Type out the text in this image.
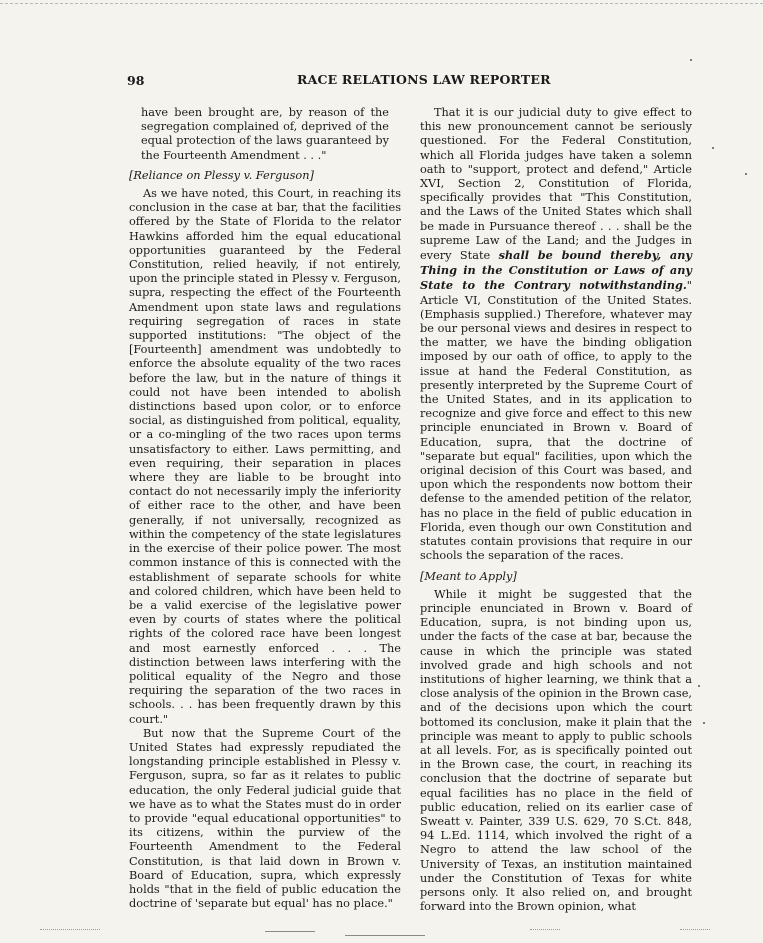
98	RACE RELATIONS LAW REPORTER

have been brought are, by reason of the segregation complained of, deprived of the equal protection of the laws guaranteed by the Fourteenth Amendment . . ."

[Reliance on Plessy v. Ferguson]

As we have noted, this Court, in reaching its conclusion in the case at bar, that the facilities offered by the State of Florida to the relator Hawkins afforded him the equal educational opportunities guaranteed by the Federal Constitution, relied heavily, if not entirely, upon the principle stated in Plessy v. Ferguson, supra, respecting the effect of the Fourteenth Amendment upon state laws and regulations requiring segregation of races in state supported institutions: "The object of the [Fourteenth] amendment was undobtedly to enforce the absolute equality of the two races before the law, but in the nature of things it could not have been intended to abolish distinctions based upon color, or to enforce social, as distinguished from political, equality, or a co-mingling of the two races upon terms unsatisfactory to either. Laws permitting, and even requiring, their separation in places where they are liable to be brought into contact do not necessarily imply the inferiority of either race to the other, and have been generally, if not universally, recognized as within the competency of the state legislatures in the exercise of their police power. The most common instance of this is connected with the establishment of separate schools for white and colored children, which have been held to be a valid exercise of the legislative power even by courts of states where the political rights of the colored race have been longest and most earnestly enforced . . . The distinction between laws interfering with the political equality of the Negro and those requiring the separation of the two races in schools. . . has been frequently drawn by this court."

But now that the Supreme Court of the United States had expressly repudiated the longstanding principle established in Plessy v. Ferguson, supra, so far as it relates to public education, the only Federal judicial guide that we have as to what the States must do in order to provide "equal educational opportunities" to its citizens, within the purview of the Fourteenth Amendment to the Federal Constitution, is that laid down in Brown v. Board of Education, supra, which expressly holds "that in the field of public education the doctrine of 'separate but equal' has no place."

That it is our judicial duty to give effect to this new pronouncement cannot be seriously questioned. For the Federal Constitution, which all Florida judges have taken a solemn oath to "support, protect and defend," Article XVI, Section 2, Constitution of Florida, specifically provides that "This Constitution, and the Laws of the United States which shall be made in Pursuance thereof . . . shall be the supreme Law of the Land; and the Judges in every State shall be bound thereby, any Thing in the Constitution or Laws of any State to the Contrary notwithstanding." Article VI, Constitution of the United States. (Emphasis supplied.) Therefore, whatever may be our personal views and desires in respect to the matter, we have the binding obligation imposed by our oath of office, to apply to the issue at hand the Federal Constitution, as presently interpreted by the Supreme Court of the United States, and in its application to recognize and give force and effect to this new principle enunciated in Brown v. Board of Education, supra, that the doctrine of "separate but equal" facilities, upon which the original decision of this Court was based, and upon which the respondents now bottom their defense to the amended petition of the relator, has no place in the field of public education in Florida, even though our own Constitution and statutes contain provisions that require in our schools the separation of the races.

[Meant to Apply]

While it might be suggested that the principle enunciated in Brown v. Board of Education, supra, is not binding upon us, under the facts of the case at bar, because the cause in which the principle was stated involved grade and high schools and not institutions of higher learning, we think that a close analysis of the opinion in the Brown case, and of the decisions upon which the court bottomed its conclusion, make it plain that the principle was meant to apply to public schools at all levels. For, as is specifically pointed out in the Brown case, the court, in reaching its conclusion that the doctrine of separate but equal facilities has no place in the field of public education, relied on its earlier case of Sweatt v. Painter, 339 U.S. 629, 70 S.Ct. 848, 94 L.Ed. 1114, which involved the right of a Negro to attend the law school of the University of Texas, an institution maintained under the Constitution of Texas for white persons only. It also relied on, and brought forward into the Brown opinion, what
